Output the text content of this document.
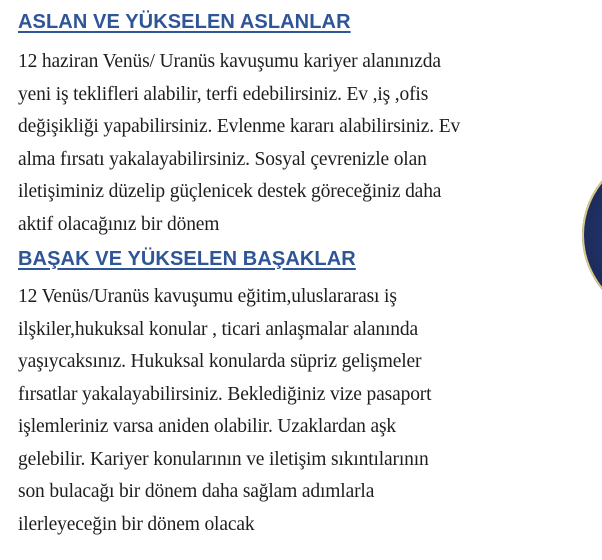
ASLAN VE YÜKSELEN ASLANLAR

12 haziran Venüs/ Uranüs kavuşumu kariyer alanınızda
yeni iş teklifleri alabilir, terfi edebilirsiniz. Ev ,iş ,ofis
değişikliği yapabilirsiniz. Evlenme kararı alabilirsiniz. Ev
alma fırsatı yakalayabilirsiniz. Sosyal çevrenizle olan
iletişiminiz düzelip güçlenicek destek göreceğiniz daha
aktif olacağınız bir dönem

BAŞAK VE YÜKSELEN BAŞAKLAR

12 Venüs/Uranüs kavuşumu eğitim,uluslararası iş
ilşkiler,hukuksal konular , ticari anlaşmalar alanında
yaşıycaksınız. Hukuksal konularda süpriz gelişmeler
fırsatlar yakalayabilirsiniz. Beklediğiniz vize pasaport
işlemleriniz varsa aniden olabilir. Uzaklardan aşk
gelebilir. Kariyer konularının ve iletişim sıkıntılarının
son bulacağı bir dönem daha sağlam adımlarla
ilerleyeceğin bir dönem olacak
